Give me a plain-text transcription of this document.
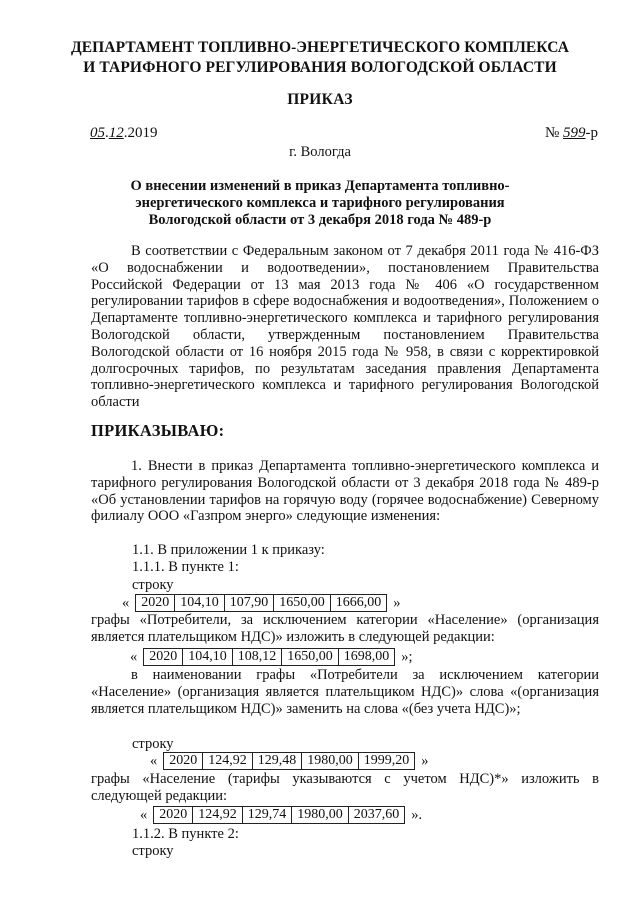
ДЕПАРТАМЕНТ ТОПЛИВНО-ЭНЕРГЕТИЧЕСКОГО КОМПЛЕКСА
И ТАРИФНОГО РЕГУЛИРОВАНИЯ ВОЛОГОДСКОЙ ОБЛАСТИ
ПРИКАЗ
05.12.2019	№ 599-р
г. Вологда
О внесении изменений в приказ Департамента топливно-энергетического комплекса и тарифного регулирования Вологодской области от 3 декабря 2018 года № 489-р
В соответствии с Федеральным законом от 7 декабря 2011 года № 416-ФЗ «О водоснабжении и водоотведении», постановлением Правительства Российской Федерации от 13 мая 2013 года № 406 «О государственном регулировании тарифов в сфере водоснабжения и водоотведения», Положением о Департаменте топливно-энергетического комплекса и тарифного регулирования Вологодской области, утвержденным постановлением Правительства Вологодской области от 16 ноября 2015 года № 958, в связи с корректировкой долгосрочных тарифов, по результатам заседания правления Департамента топливно-энергетического комплекса и тарифного регулирования Вологодской области
ПРИКАЗЫВАЮ:
1. Внести в приказ Департамента топливно-энергетического комплекса и тарифного регулирования Вологодской области от 3 декабря 2018 года № 489-р «Об установлении тарифов на горячую воду (горячее водоснабжение) Северному филиалу ООО «Газпром энерго» следующие изменения:
1.1. В приложении 1 к приказу:
1.1.1. В пункте 1:
строку
« 2020	104,10	107,90	1650,00	1666,00 »
графы «Потребители, за исключением категории «Население» (организация является плательщиком НДС)» изложить в следующей редакции:
« 2020	104,10	108,12	1650,00	1698,00 »;
в наименовании графы «Потребители за исключением категории «Население» (организация является плательщиком НДС)» слова «(организация является плательщиком НДС)» заменить на слова «(без учета НДС)»;
строку
« 2020	124,92	129,48	1980,00	1999,20 »
графы «Население (тарифы указываются с учетом НДС)*» изложить в следующей редакции:
« 2020	124,92	129,74	1980,00	2037,60 ».
1.1.2. В пункте 2:
строку
